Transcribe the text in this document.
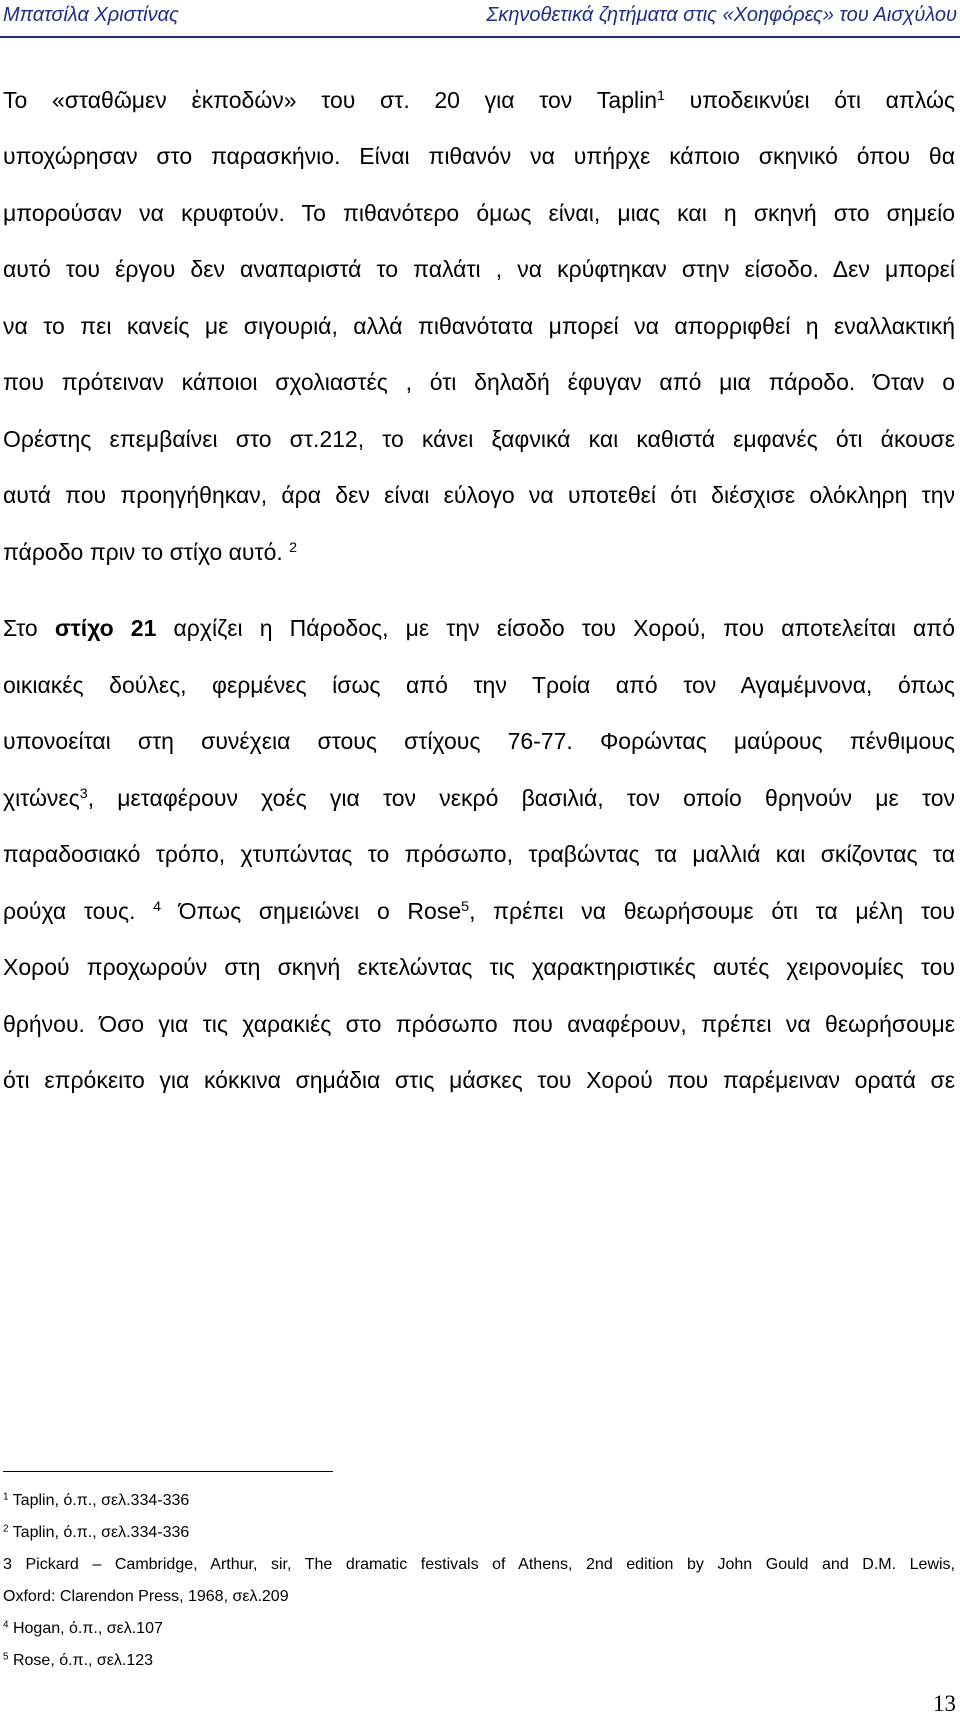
Μπατσίλα Χριστίνας	Σκηνοθετικά ζητήματα στις «Χοηφόρες» του Αισχύλου
Το «σταθῶμεν ἐκποδών» του στ. 20 για τον Taplin$^1$ υποδεικνύει ότι απλώς
υποχώρησαν στο παρασκήνιο. Είναι πιθανόν να υπήρχε κάποιο σκηνικό όπου θα
μπορούσαν να κρυφτούν. Το πιθανότερο όμως είναι, μιας και η σκηνή στο σημείο
αυτό του έργου δεν αναπαριστά το παλάτι , να κρύφτηκαν στην είσοδο. Δεν μπορεί
να το πει κανείς με σιγουριά, αλλά πιθανότατα μπορεί να απορριφθεί η εναλλακτική
που πρότειναν κάποιοι σχολιαστές , ότι δηλαδή έφυγαν από μια πάροδο. Όταν ο
Ορέστης επεμβαίνει στο στ.212, το κάνει ξαφνικά και καθιστά εμφανές ότι άκουσε
αυτά που προηγήθηκαν, άρα δεν είναι εύλογο να υποτεθεί ότι διέσχισε ολόκληρη την
πάροδο πριν το στίχο αυτό. $^2$
Στο στίχο 21 αρχίζει η Πάροδος, με την είσοδο του Χορού, που αποτελείται από
οικιακές δούλες, φερμένες ίσως από την Τροία από τον Αγαμέμνονα, όπως
υπονοείται στη συνέχεια στους στίχους 76-77. Φορώντας μαύρους πένθιμους
χιτώνες$^3$, μεταφέρουν χοές για τον νεκρό βασιλιά, τον οποίο θρηνούν με τον
παραδοσιακό τρόπο, χτυπώντας το πρόσωπο, τραβώντας τα μαλλιά και σκίζοντας τα
ρούχα τους. $^4$ Όπως σημειώνει ο Rose$^5$, πρέπει να θεωρήσουμε ότι τα μέλη του
Χορού προχωρούν στη σκηνή εκτελώντας τις χαρακτηριστικές αυτές χειρονομίες του
θρήνου. Όσο για τις χαρακιές στο πρόσωπο που αναφέρουν, πρέπει να θεωρήσουμε
ότι επρόκειτο για κόκκινα σημάδια στις μάσκες του Χορού που παρέμειναν ορατά σε
$^1$ Taplin, ό.π., σελ.334-336
$^2$ Taplin, ό.π., σελ.334-336
3 Pickard – Cambridge, Arthur, sir, The dramatic festivals of Athens, 2nd edition by John Gould and D.M. Lewis,
Oxford: Clarendon Press, 1968, σελ.209
$^4$ Hogan, ό.π., σελ.107
$^5$ Rose, ό.π., σελ.123
13
